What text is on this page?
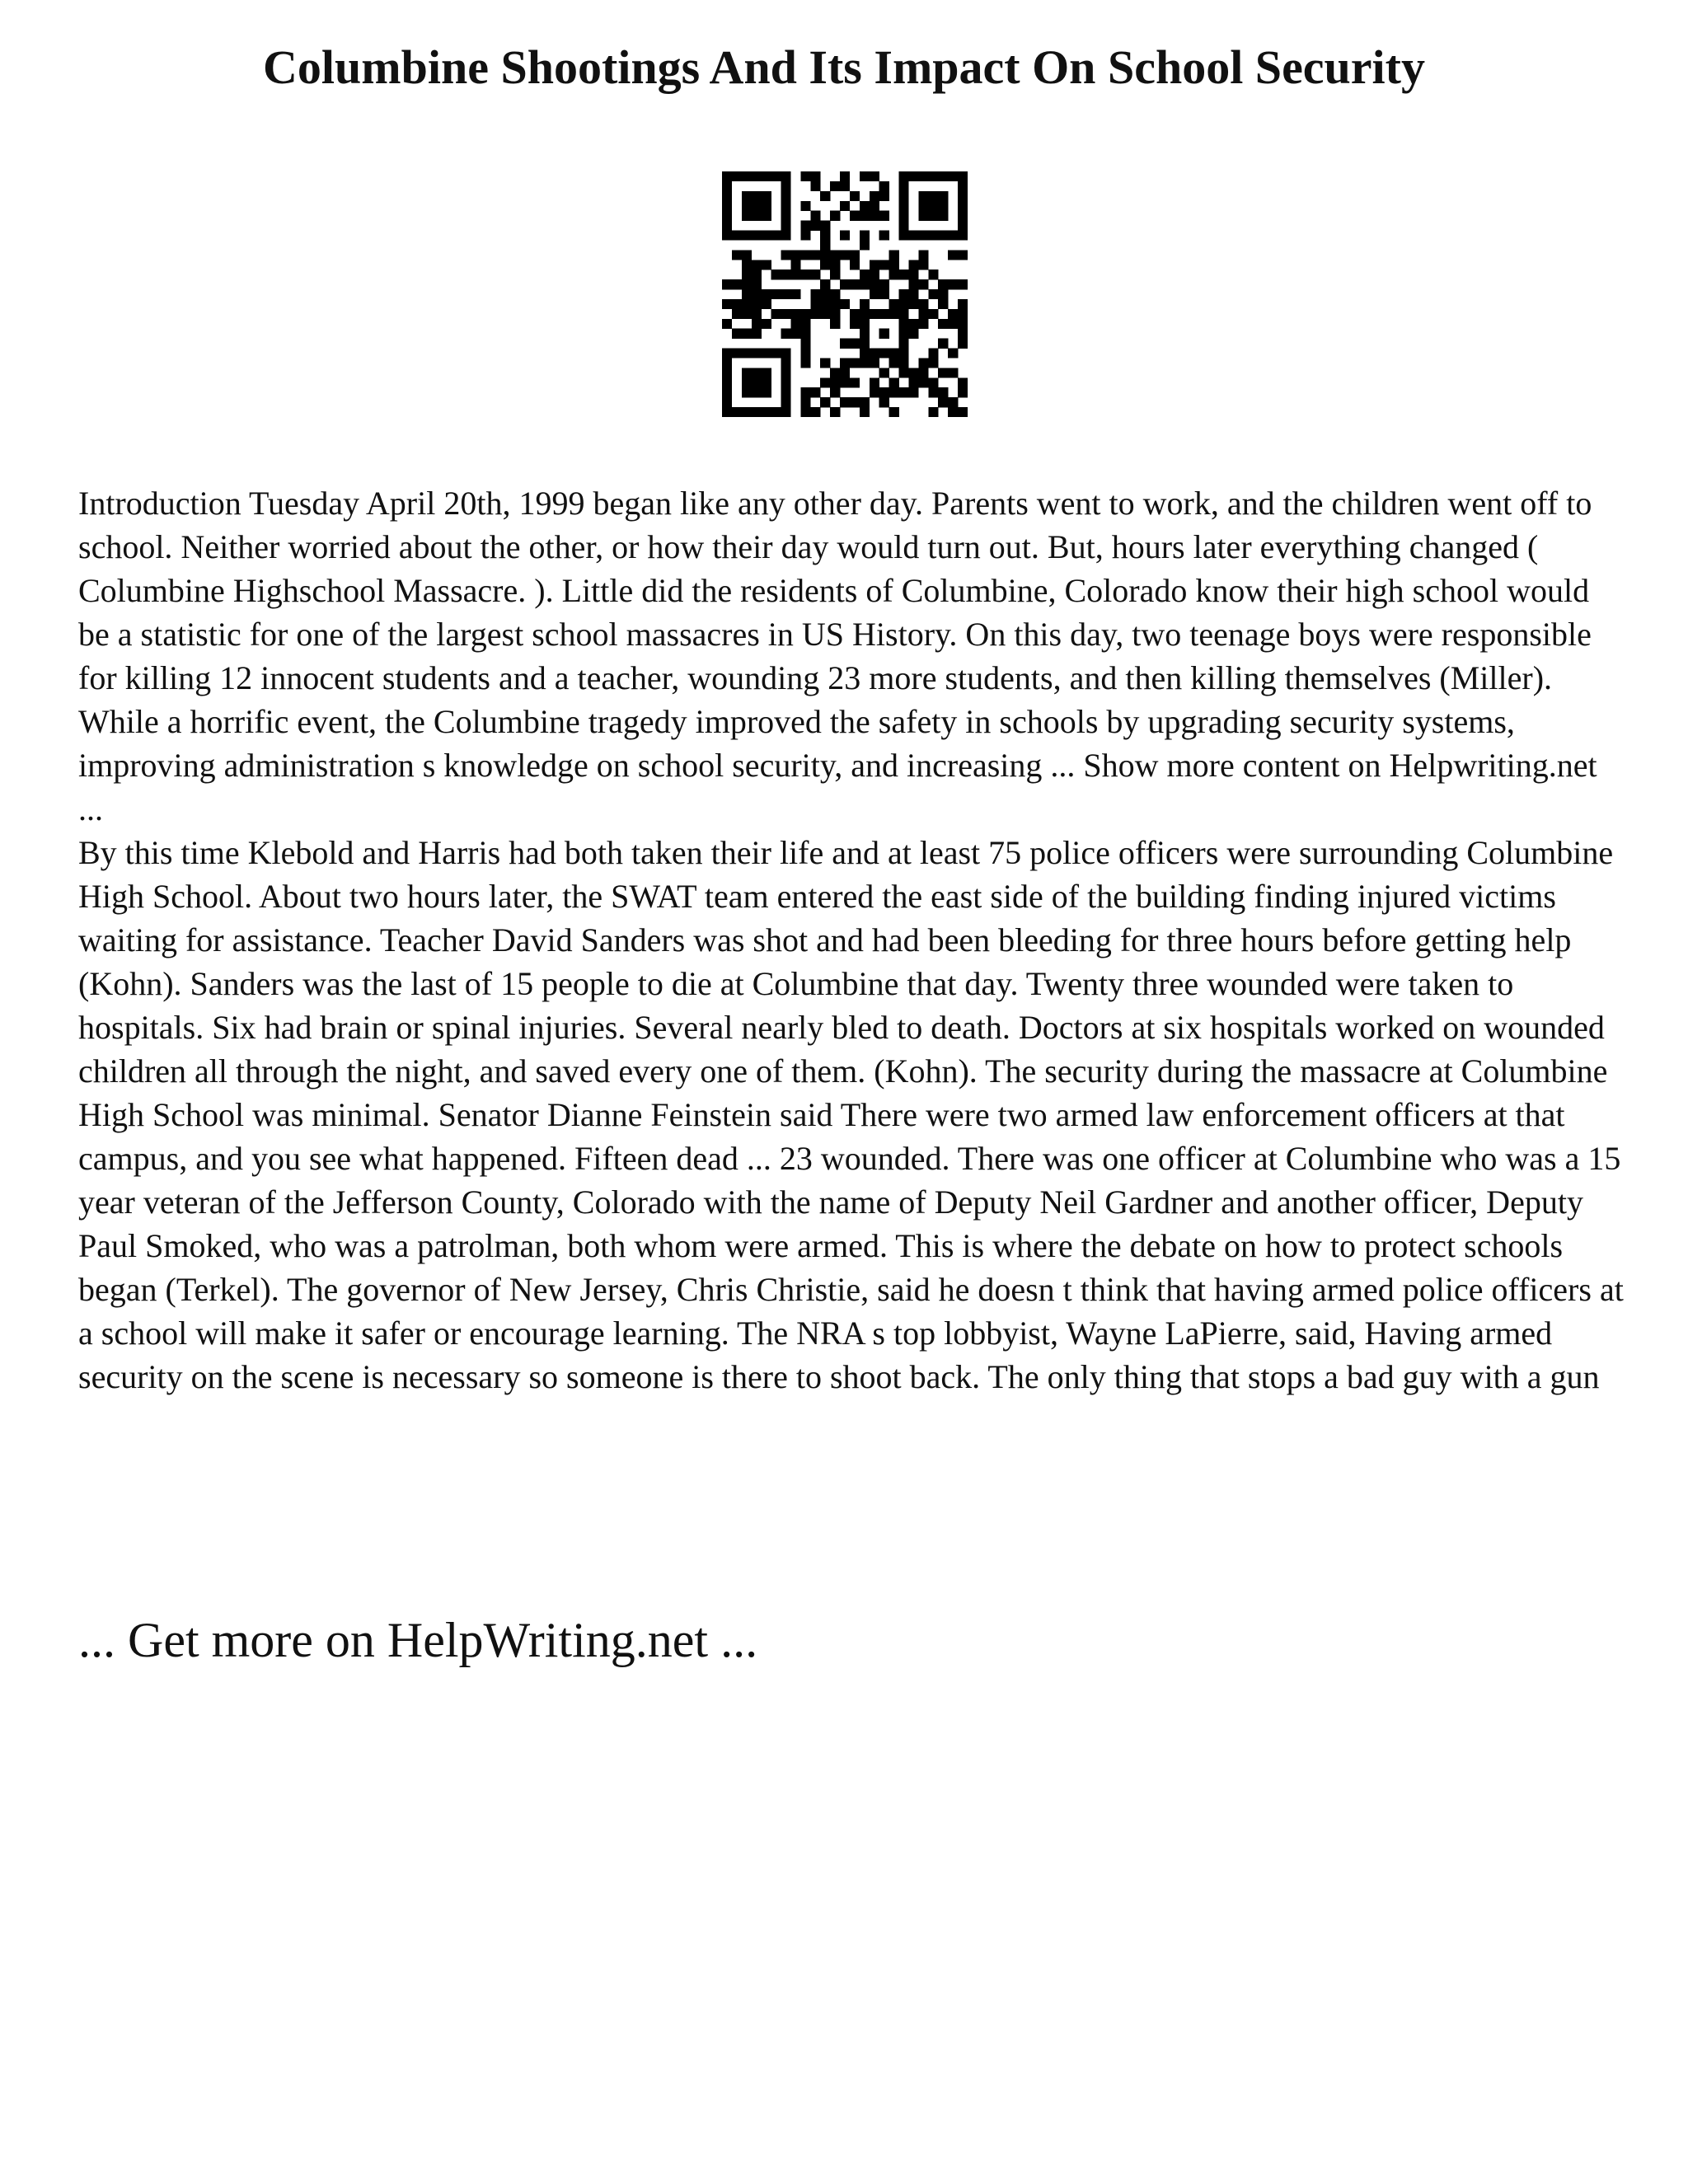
Columbine Shootings And Its Impact On School Security

Introduction Tuesday April 20th, 1999 began like any other day. Parents went to work, and the children went off to school. Neither worried about the other, or how their day would turn out. But, hours later everything changed ( Columbine Highschool Massacre. ). Little did the residents of Columbine, Colorado know their high school would be a statistic for one of the largest school massacres in US History. On this day, two teenage boys were responsible for killing 12 innocent students and a teacher, wounding 23 more students, and then killing themselves (Miller). While a horrific event, the Columbine tragedy improved the safety in schools by upgrading security systems, improving administration s knowledge on school security, and increasing ... Show more content on Helpwriting.net ...

By this time Klebold and Harris had both taken their life and at least 75 police officers were surrounding Columbine High School. About two hours later, the SWAT team entered the east side of the building finding injured victims waiting for assistance. Teacher David Sanders was shot and had been bleeding for three hours before getting help (Kohn). Sanders was the last of 15 people to die at Columbine that day. Twenty three wounded were taken to hospitals. Six had brain or spinal injuries. Several nearly bled to death. Doctors at six hospitals worked on wounded children all through the night, and saved every one of them. (Kohn). The security during the massacre at Columbine High School was minimal. Senator Dianne Feinstein said There were two armed law enforcement officers at that campus, and you see what happened. Fifteen dead ... 23 wounded. There was one officer at Columbine who was a 15 year veteran of the Jefferson County, Colorado with the name of Deputy Neil Gardner and another officer, Deputy Paul Smoked, who was a patrolman, both whom were armed. This is where the debate on how to protect schools began (Terkel). The governor of New Jersey, Chris Christie, said he doesn t think that having armed police officers at a school will make it safer or encourage learning. The NRA s top lobbyist, Wayne LaPierre, said, Having armed security on the scene is necessary so someone is there to shoot back. The only thing that stops a bad guy with a gun

... Get more on HelpWriting.net ...
